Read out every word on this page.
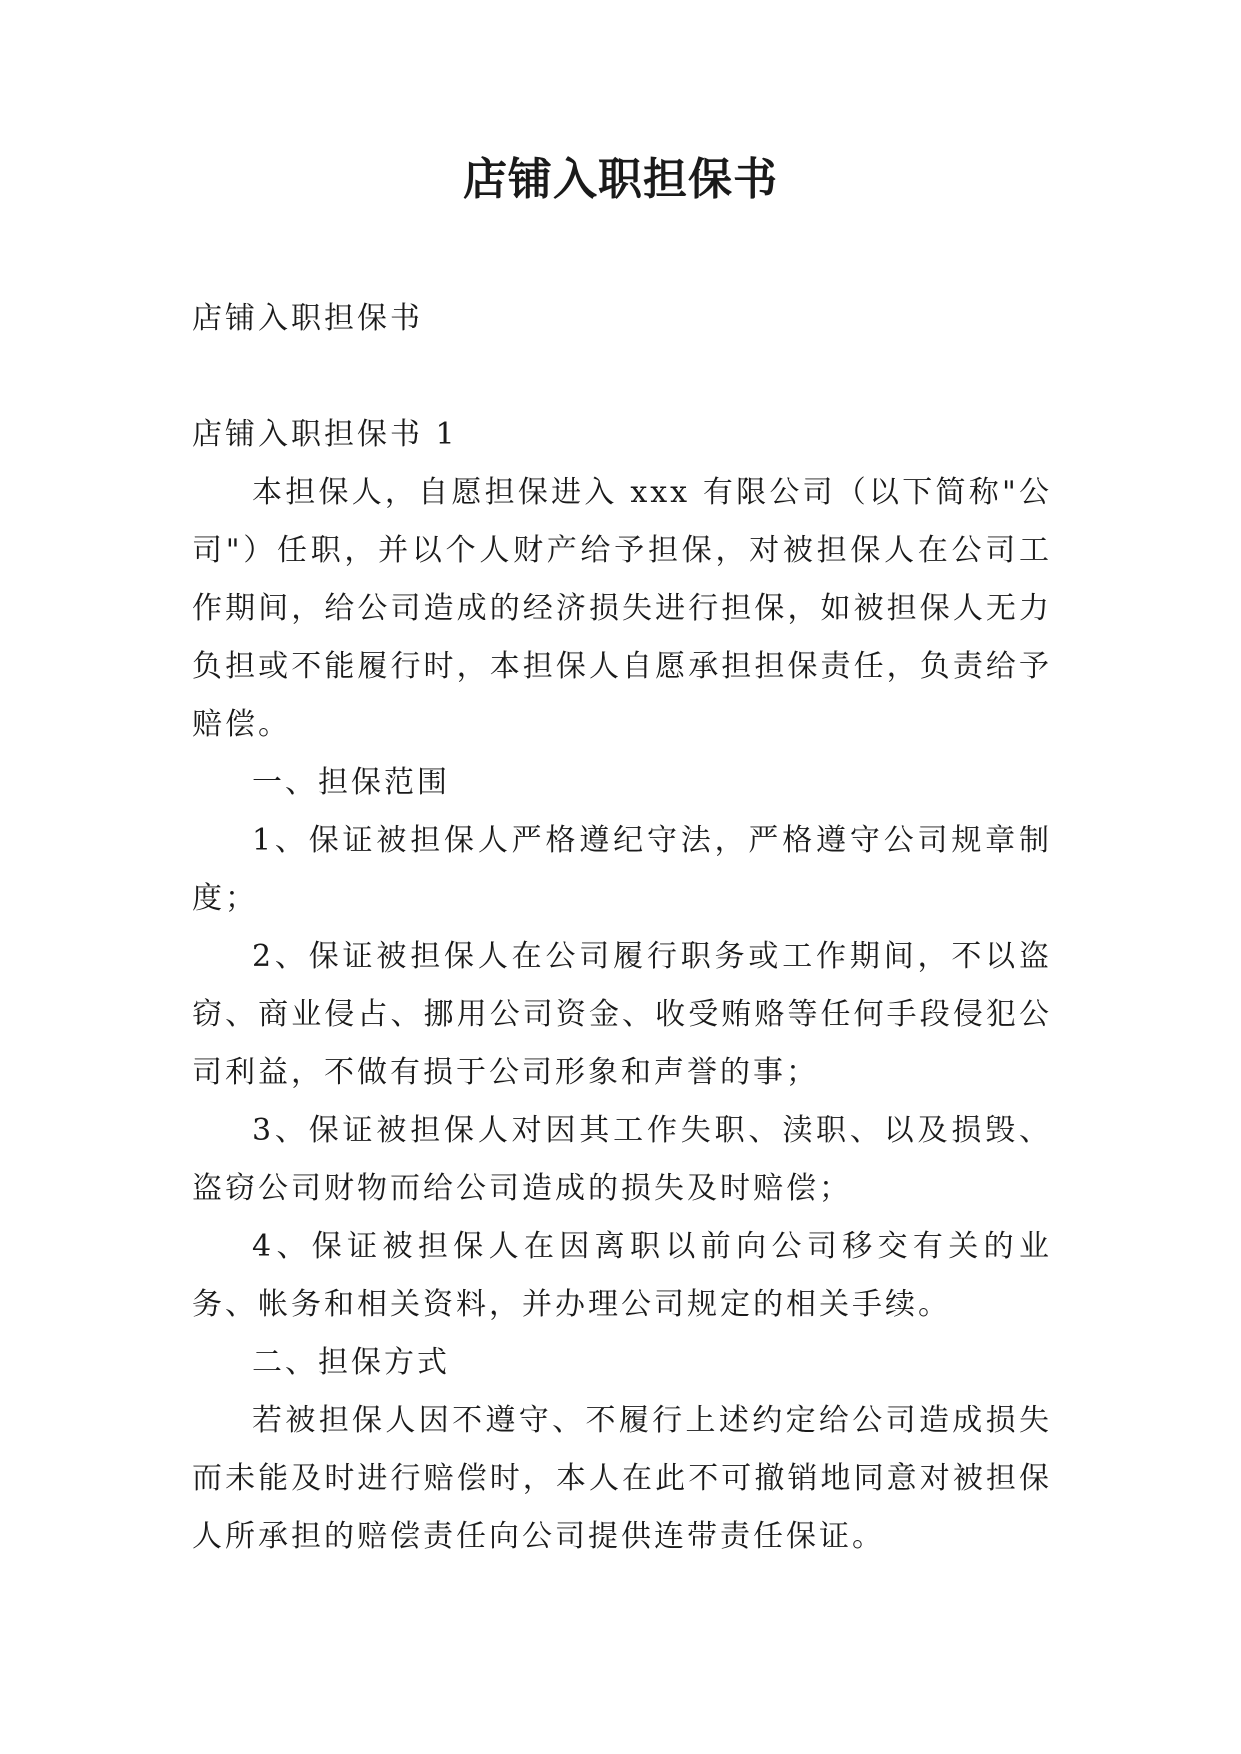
店铺入职担保书

店铺入职担保书

店铺入职担保书 1

本担保人，自愿担保进入 xxx 有限公司（以下简称"公司"）任职，并以个人财产给予担保，对被担保人在公司工作期间，给公司造成的经济损失进行担保，如被担保人无力负担或不能履行时，本担保人自愿承担担保责任，负责给予赔偿。

一、担保范围

1、保证被担保人严格遵纪守法，严格遵守公司规章制度；

2、保证被担保人在公司履行职务或工作期间，不以盗窃、商业侵占、挪用公司资金、收受贿赂等任何手段侵犯公司利益，不做有损于公司形象和声誉的事；

3、保证被担保人对因其工作失职、渎职、以及损毁、盗窃公司财物而给公司造成的损失及时赔偿；

4、保证被担保人在因离职以前向公司移交有关的业务、帐务和相关资料，并办理公司规定的相关手续。

二、担保方式

若被担保人因不遵守、不履行上述约定给公司造成损失而未能及时进行赔偿时，本人在此不可撤销地同意对被担保人所承担的赔偿责任向公司提供连带责任保证。
